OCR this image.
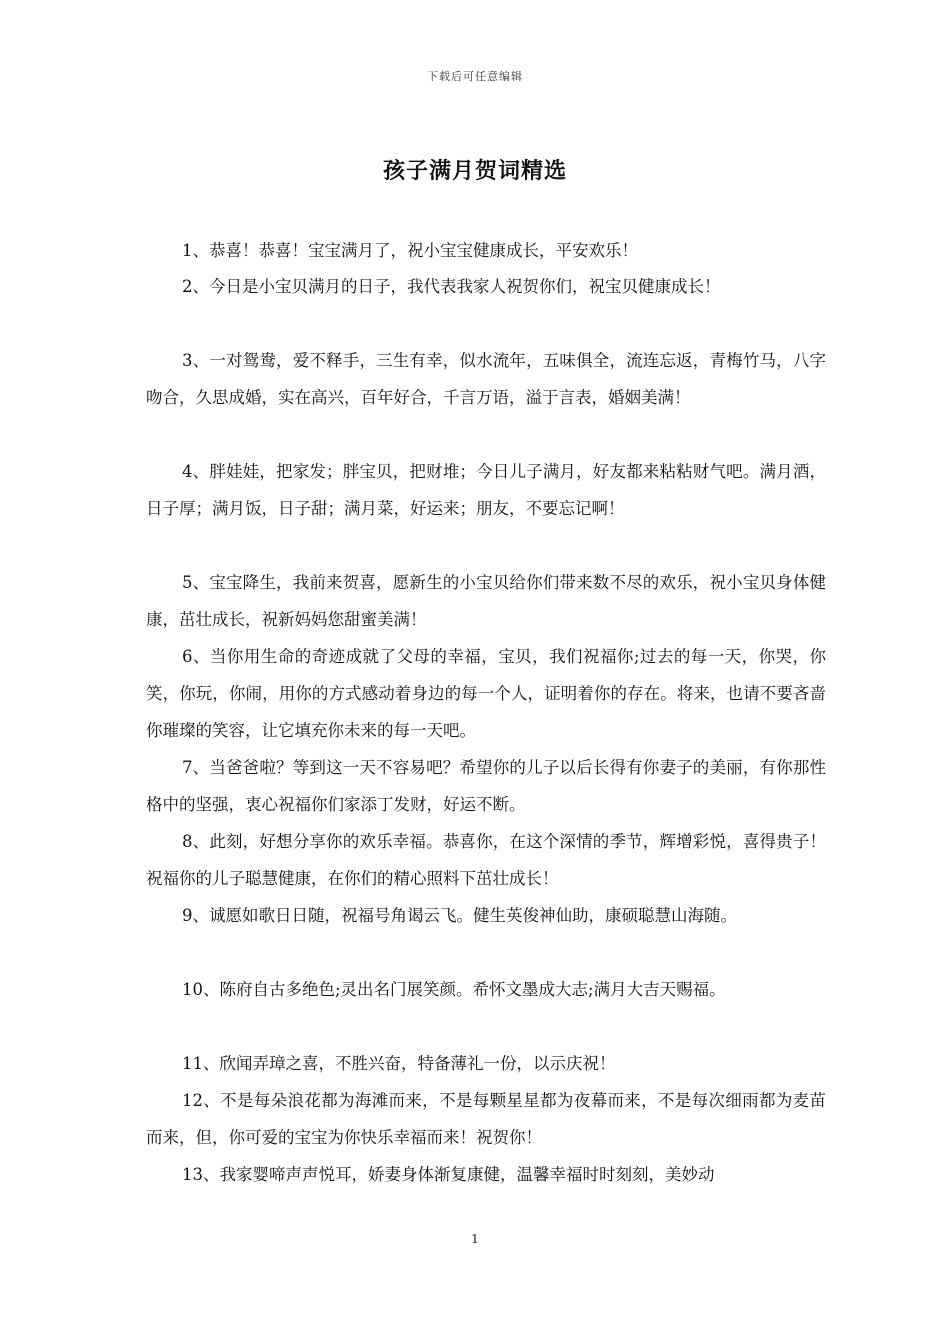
下载后可任意编辑
孩子满月贺词精选
1、恭喜！恭喜！宝宝满月了，祝小宝宝健康成长，平安欢乐！
2、今日是小宝贝满月的日子，我代表我家人祝贺你们，祝宝贝健康成长！
3、一对鸳鸯，爱不释手，三生有幸，似水流年，五味俱全，流连忘返，青梅竹马，八字吻合，久思成婚，实在高兴，百年好合，千言万语，溢于言表，婚姻美满！
4、胖娃娃，把家发；胖宝贝，把财堆；今日儿子满月，好友都来粘粘财气吧。满月酒，日子厚；满月饭，日子甜；满月菜，好运来；朋友，不要忘记啊！
5、宝宝降生，我前来贺喜，愿新生的小宝贝给你们带来数不尽的欢乐，祝小宝贝身体健康，茁壮成长，祝新妈妈您甜蜜美满！
6、当你用生命的奇迹成就了父母的幸福，宝贝，我们祝福你;过去的每一天，你哭，你笑，你玩，你闹，用你的方式感动着身边的每一个人，证明着你的存在。将来，也请不要吝啬你璀璨的笑容，让它填充你未来的每一天吧。
7、当爸爸啦？等到这一天不容易吧？希望你的儿子以后长得有你妻子的美丽，有你那性格中的坚强，衷心祝福你们家添丁发财，好运不断。
8、此刻，好想分享你的欢乐幸福。恭喜你，在这个深情的季节，辉增彩悦，喜得贵子！祝福你的儿子聪慧健康，在你们的精心照料下茁壮成长！
9、诚愿如歌日日随，祝福号角谒云飞。健生英俊神仙助，康硕聪慧山海随。
10、陈府自古多绝色;灵出名门展笑颜。希怀文墨成大志;满月大吉天赐福。
11、欣闻弄璋之喜，不胜兴奋，特备薄礼一份，以示庆祝！
12、不是每朵浪花都为海滩而来，不是每颗星星都为夜幕而来，不是每次细雨都为麦苗而来，但，你可爱的宝宝为你快乐幸福而来！祝贺你！
13、我家婴啼声声悦耳，娇妻身体渐复康健，温馨幸福时时刻刻，美妙动
1
